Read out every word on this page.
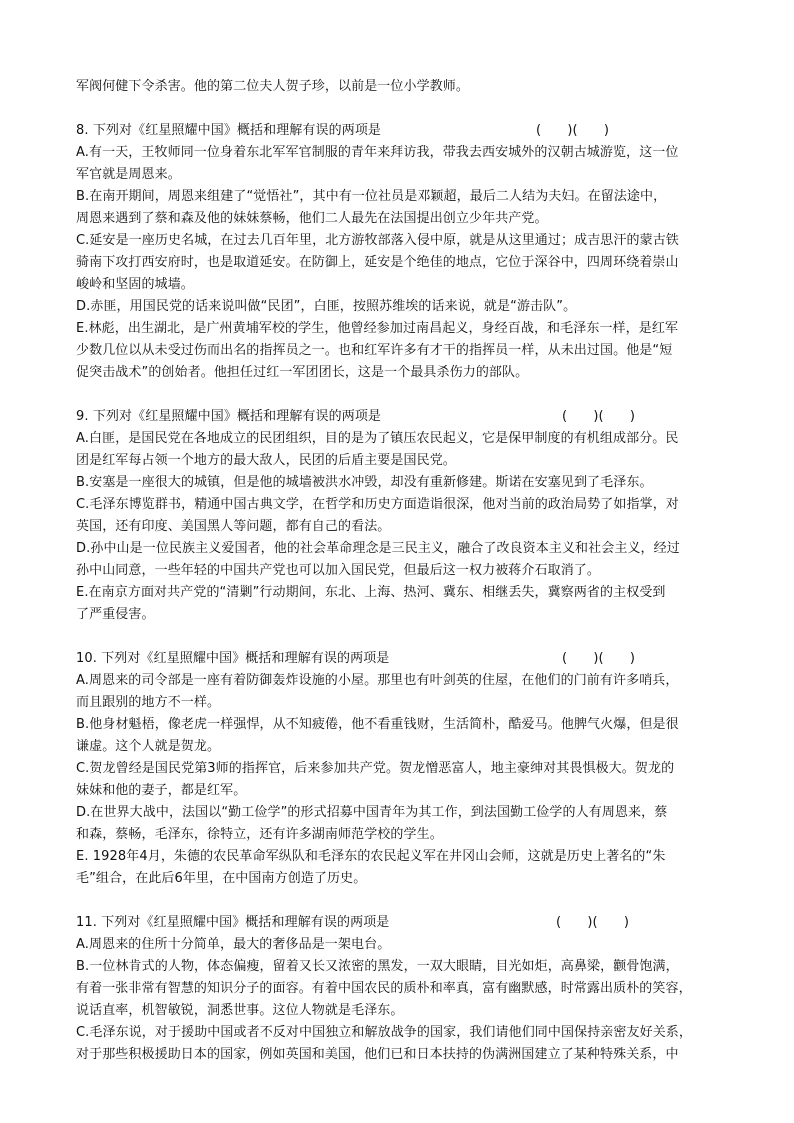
军阀何健下令杀害。他的第二位夫人贺子珍，以前是一位小学教师。
8. 下列对《红星照耀中国》概括和理解有误的两项是	(　　)(　　)
A.有一天，王牧师同一位身着东北军军官制服的青年来拜访我，带我去西安城外的汉朝古城游览，这一位
军官就是周恩来。
B.在南开期间，周恩来组建了“觉悟社”，其中有一位社员是邓颖超，最后二人结为夫妇。在留法途中，
周恩来遇到了蔡和森及他的妹妹蔡畅，他们二人最先在法国提出创立少年共产党。
C.延安是一座历史名城，在过去几百年里，北方游牧部落入侵中原，就是从这里通过；成吉思汗的蒙古铁
骑南下攻打西安府时，也是取道延安。在防御上，延安是个绝佳的地点，它位于深谷中，四周环绕着崇山
峻岭和坚固的城墙。
D.赤匪，用国民党的话来说叫做“民团”，白匪，按照苏维埃的话来说，就是“游击队”。
E.林彪，出生湖北，是广州黄埔军校的学生，他曾经参加过南昌起义，身经百战，和毛泽东一样，是红军
少数几位以从未受过伤而出名的指挥员之一。也和红军许多有才干的指挥员一样，从未出过国。他是“短
促突击战术”的创始者。他担任过红一军团团长，这是一个最具杀伤力的部队。
9. 下列对《红星照耀中国》概括和理解有误的两项是	(　　)(　　)
A.白匪，是国民党在各地成立的民团组织，目的是为了镇压农民起义，它是保甲制度的有机组成部分。民
团是红军每占领一个地方的最大敌人，民团的后盾主要是国民党。
B.安塞是一座很大的城镇，但是他的城墙被洪水冲毁，却没有重新修建。斯诺在安塞见到了毛泽东。
C.毛泽东博览群书，精通中国古典文学，在哲学和历史方面造诣很深，他对当前的政治局势了如指掌，对
英国，还有印度、美国黑人等问题，都有自己的看法。
D.孙中山是一位民族主义爱国者，他的社会革命理念是三民主义，融合了改良资本主义和社会主义，经过
孙中山同意，一些年轻的中国共产党也可以加入国民党，但最后这一权力被蒋介石取消了。
E.在南京方面对共产党的“清剿”行动期间，东北、上海、热河、冀东、相继丢失，冀察两省的主权受到
了严重侵害。
10. 下列对《红星照耀中国》概括和理解有误的两项是	(　　)(　　)
A.周恩来的司令部是一座有着防御轰炸设施的小屋。那里也有叶剑英的住屋，在他们的门前有许多哨兵，
而且跟别的地方不一样。
B.他身材魁梧，像老虎一样强悍，从不知疲倦，他不看重钱财，生活简朴，酷爱马。他脾气火爆，但是很
谦虚。这个人就是贺龙。
C.贺龙曾经是国民党第3师的指挥官，后来参加共产党。贺龙憎恶富人，地主豪绅对其畏惧极大。贺龙的
妹妹和他的妻子，都是红军。
D.在世界大战中，法国以“勤工俭学”的形式招募中国青年为其工作，到法国勤工俭学的人有周恩来，蔡
和森，蔡畅，毛泽东，徐特立，还有许多湖南师范学校的学生。
E. 1928年4月，朱德的农民革命军纵队和毛泽东的农民起义军在井冈山会师，这就是历史上著名的“朱
毛”组合，在此后6年里，在中国南方创造了历史。
11. 下列对《红星照耀中国》概括和理解有误的两项是	(　　)(　　)
A.周恩来的住所十分简单，最大的奢侈品是一架电台。
B.一位林肯式的人物，体态偏瘦，留着又长又浓密的黑发，一双大眼睛，目光如炬，高鼻梁，颧骨饱满，
有着一张非常有智慧的知识分子的面容。有着中国农民的质朴和率真，富有幽默感，时常露出质朴的笑容，
说话直率，机智敏锐，洞悉世事。这位人物就是毛泽东。
C.毛泽东说，对于援助中国或者不反对中国独立和解放战争的国家，我们请他们同中国保持亲密友好关系，
对于那些积极援助日本的国家，例如英国和美国，他们已和日本扶持的伪满洲国建立了某种特殊关系，中
